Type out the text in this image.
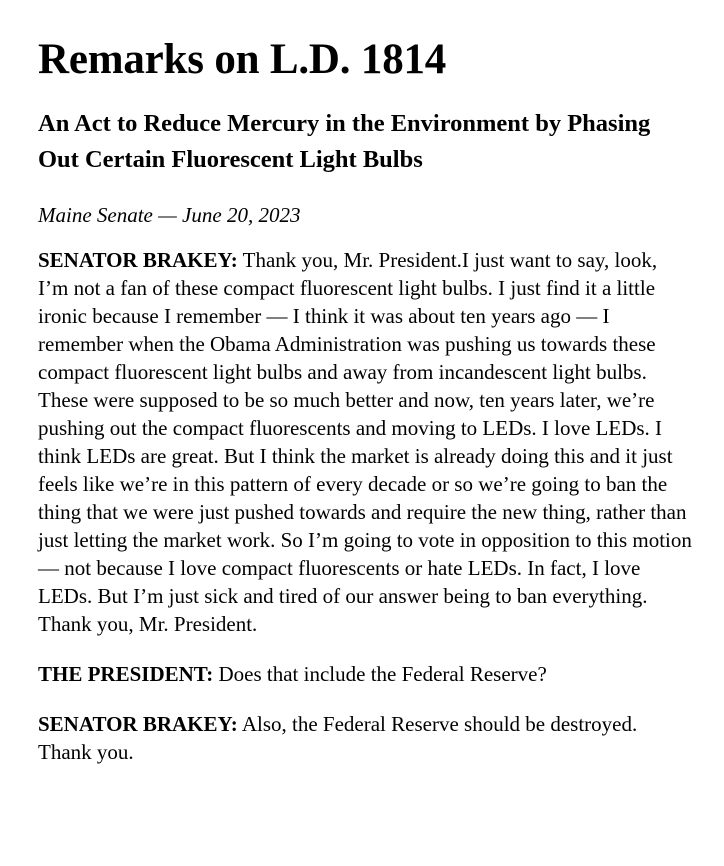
Remarks on L.D. 1814
An Act to Reduce Mercury in the Environment by Phasing Out Certain Fluorescent Light Bulbs

Maine Senate — June 20, 2023

SENATOR BRAKEY: Thank you, Mr. President.I just want to say, look, I’m not a fan of these compact fluorescent light bulbs. I just find it a little ironic because I remember — I think it was about ten years ago — I remember when the Obama Administration was pushing us towards these compact fluorescent light bulbs and away from incandescent light bulbs. These were supposed to be so much better and now, ten years later, we’re pushing out the compact fluorescents and moving to LEDs. I love LEDs. I think LEDs are great. But I think the market is already doing this and it just feels like we’re in this pattern of every decade or so we’re going to ban the thing that we were just pushed towards and require the new thing, rather than just letting the market work. So I’m going to vote in opposition to this motion — not because I love compact fluorescents or hate LEDs. In fact, I love LEDs. But I’m just sick and tired of our answer being to ban everything. Thank you, Mr. President.

THE PRESIDENT: Does that include the Federal Reserve?

SENATOR BRAKEY: Also, the Federal Reserve should be destroyed. Thank you.
